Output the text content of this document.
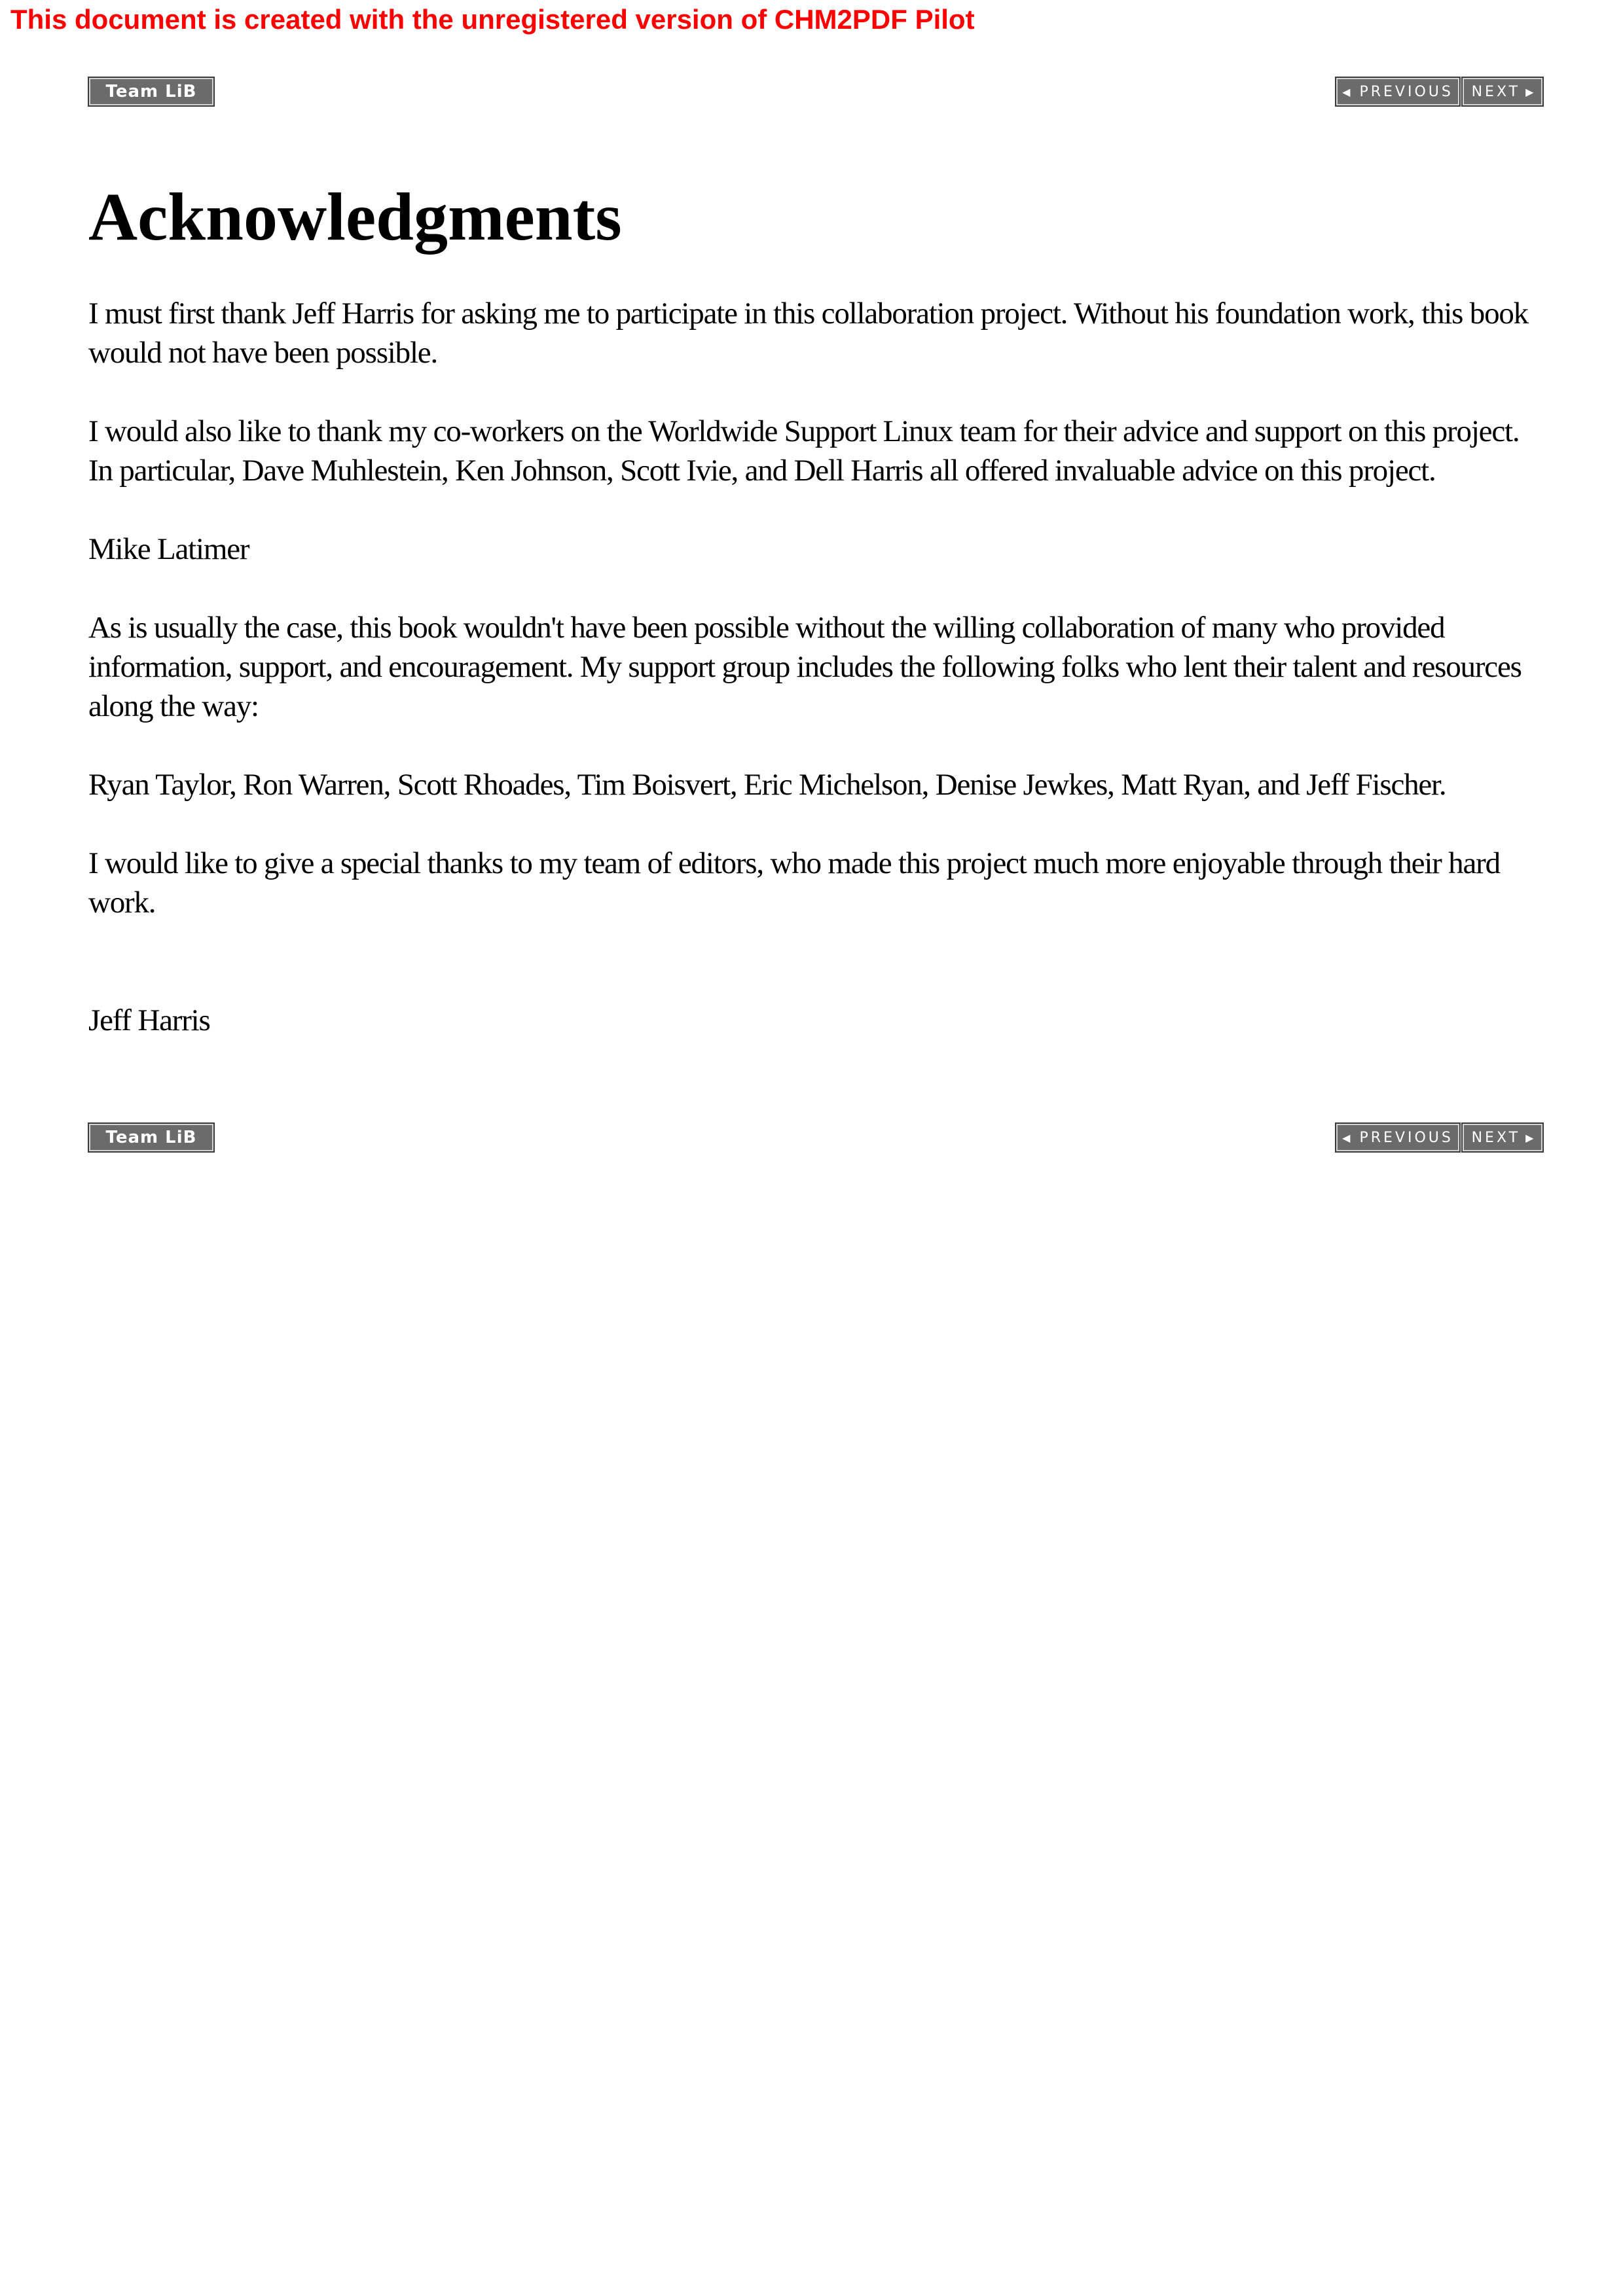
This document is created with the unregistered version of CHM2PDF Pilot
Team LiB	◀ PREVIOUS NEXT ▶
Acknowledgments

I must first thank Jeff Harris for asking me to participate in this collaboration project. Without his foundation work, this book would not have been possible.

I would also like to thank my co-workers on the Worldwide Support Linux team for their advice and support on this project. In particular, Dave Muhlestein, Ken Johnson, Scott Ivie, and Dell Harris all offered invaluable advice on this project.

Mike Latimer

As is usually the case, this book wouldn't have been possible without the willing collaboration of many who provided information, support, and encouragement. My support group includes the following folks who lent their talent and resources along the way:

Ryan Taylor, Ron Warren, Scott Rhoades, Tim Boisvert, Eric Michelson, Denise Jewkes, Matt Ryan, and Jeff Fischer.

I would like to give a special thanks to my team of editors, who made this project much more enjoyable through their hard work.

Jeff Harris

Team LiB	◀ PREVIOUS NEXT ▶
